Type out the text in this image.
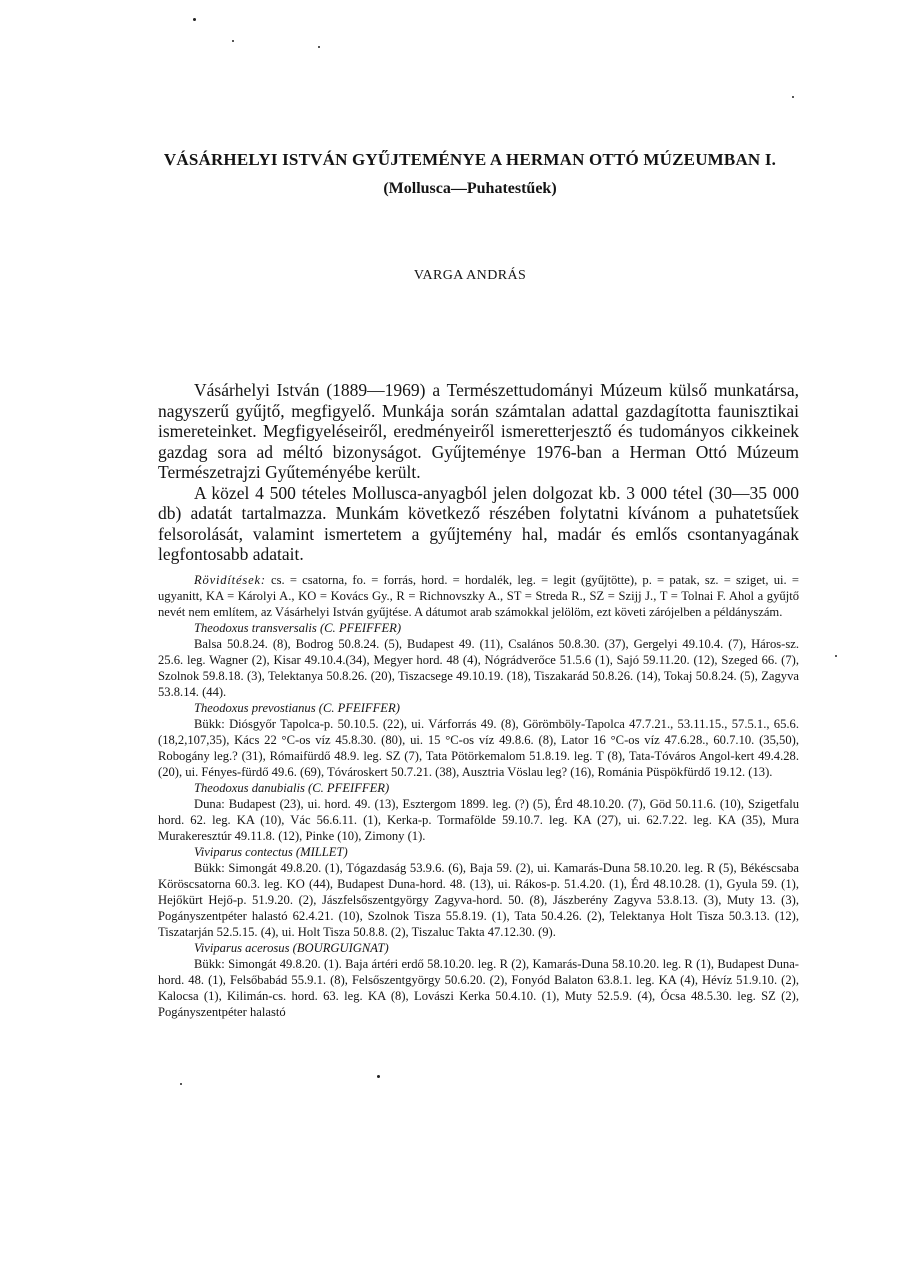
VÁSÁRHELYI ISTVÁN GYŰJTEMÉNYE A HERMAN OTTÓ MÚZEUMBAN I.
(Mollusca—Puhatestűek)
VARGA ANDRÁS

Vásárhelyi István (1889—1969) a Természettudományi Múzeum külső munkatársa, nagyszerű gyűjtő, megfigyelő. Munkája során számtalan adattal gazdagította faunisztikai ismereteinket. Megfigyeléseiről, eredményeiről ismeretterjesztő és tudományos cikkeinek gazdag sora ad méltó bizonyságot. Gyűjteménye 1976-ban a Herman Ottó Múzeum Természetrajzi Gyűteményébe került.

A közel 4 500 tételes Mollusca-anyagból jelen dolgozat kb. 3 000 tétel (30—35 000 db) adatát tartalmazza. Munkám következő részében folytatni kívánom a puhatetsűek felsorolását, valamint ismertetem a gyűjtemény hal, madár és emlős csontanyagának legfontosabb adatait.

Rövidítések: cs. = csatorna, fo. = forrás, hord. = hordalék, leg. = legit (gyűjtötte), p. = patak, sz. = sziget, ui. = ugyanitt, KA = Károlyi A., KO = Kovács Gy., R = Richnovszky A., ST = Streda R., SZ = Szijj J., T = Tolnai F. Ahol a gyűjtő nevét nem említem, az Vásárhelyi István gyűjtése. A dátumot arab számokkal jelölöm, ezt követi zárójelben a példányszám.

Theodoxus transversalis (C. PFEIFFER)
Balsa 50.8.24. (8), Bodrog 50.8.24. (5), Budapest 49. (11), Csalános 50.8.30. (37), Gergelyi 49.10.4. (7), Háros-sz. 25.6. leg. Wagner (2), Kisar 49.10.4.(34), Megyer hord. 48 (4), Nógrádverőce 51.5.6 (1), Sajó 59.11.20. (12), Szeged 66. (7), Szolnok 59.8.18. (3), Telektanya 50.8.26. (20), Tiszacsege 49.10.19. (18), Tiszakarád 50.8.26. (14), Tokaj 50.8.24. (5), Zagyva 53.8.14. (44).
Theodoxus prevostianus (C. PFEIFFER)
Bükk: Diósgyőr Tapolca-p. 50.10.5. (22), ui. Várforrás 49. (8), Görömbölу-Tapolca 47.7.21., 53.11.15., 57.5.1., 65.6. (18,2,107,35), Kács 22 °C-os víz 45.8.30. (80), ui. 15 °C-os víz 49.8.6. (8), Lator 16 °C-os víz 47.6.28., 60.7.10. (35,50), Robogány leg.? (31), Rómaifürdő 48.9. leg. SZ (7), Tata Pötörkemalom 51.8.19. leg. T (8), Tata-Tóváros Angol-kert 49.4.28. (20), ui. Fényes-fürdő 49.6. (69), Tóvároskert 50.7.21. (38), Ausztria Vöslau leg? (16), Románia Püspökfürdő 19.12. (13).
Theodoxus danubialis (C. PFEIFFER)
Duna: Budapest (23), ui. hord. 49. (13), Esztergom 1899. leg. (?) (5), Érd 48.10.20. (7), Göd 50.11.6. (10), Szigetfalu hord. 62. leg. KA (10), Vác 56.6.11. (1), Kerka-p. Tormafölde 59.10.7. leg. KA (27), ui. 62.7.22. leg. KA (35), Mura Murakeresztúr 49.11.8. (12), Pinke (10), Zimony (1).
Viviparus contectus (MILLET)
Bükk: Simongát 49.8.20. (1), Tógazdaság 53.9.6. (6), Baja 59. (2), ui. Kamarás-Duna 58.10.20. leg. R (5), Békéscsaba Köröscsatorna 60.3. leg. KO (44), Budapest Duna-hord. 48. (13), ui. Rákos-p. 51.4.20. (1), Érd 48.10.28. (1), Gyula 59. (1), Hejőkürt Hejő-p. 51.9.20. (2), Jászfelsőszentgyörgy Zagyva-hord. 50. (8), Jászberény Zagyva 53.8.13. (3), Muty 13. (3), Pogányszentpéter halastó 62.4.21. (10), Szolnok Tisza 55.8.19. (1), Tata 50.4.26. (2), Telektanya Holt Tisza 50.3.13. (12), Tiszatarján 52.5.15. (4), ui. Holt Tisza 50.8.8. (2), Tiszaluc Takta 47.12.30. (9).
Viviparus acerosus (BOURGUIGNAT)
Bükk: Simongát 49.8.20. (1). Baja ártéri erdő 58.10.20. leg. R (2), Kamarás-Duna 58.10.20. leg. R (1), Budapest Duna-hord. 48. (1), Felsőbabád 55.9.1. (8), Felsőszentgyörgy 50.6.20. (2), Fonyód Balaton 63.8.1. leg. KA (4), Hévíz 51.9.10. (2), Kalocsa (1), Kilimán-cs. hord. 63. leg. KA (8), Lovászi Kerka 50.4.10. (1), Muty 52.5.9. (4), Ócsa 48.5.30. leg. SZ (2), Pogányszentpéter halastó
